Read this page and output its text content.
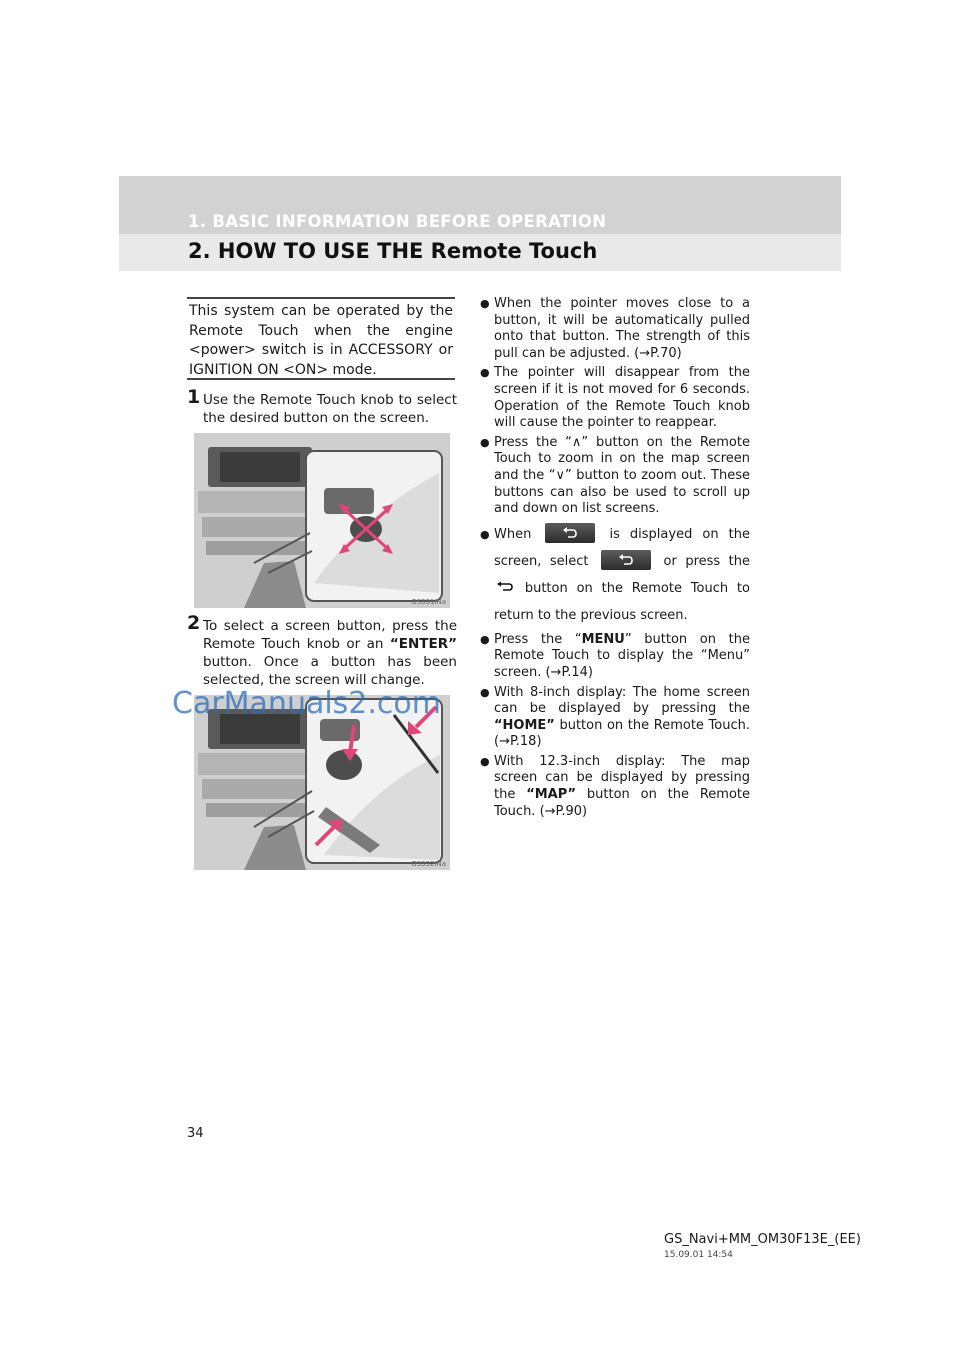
1. BASIC INFORMATION BEFORE OPERATION
2. HOW TO USE THE Remote Touch
This system can be operated by the Remote Touch when the engine <power> switch is in ACCESSORY or IGNITION ON <ON> mode.
1 Use the Remote Touch knob to select the desired button on the screen.
GS331INa
2 To select a screen button, press the Remote Touch knob or an “ENTER” button. Once a button has been selected, the screen will change.
GS332INa
CarManuals2.com
● When the pointer moves close to a button, it will be automatically pulled onto that button. The strength of this pull can be adjusted. (→P.70)
● The pointer will disappear from the screen if it is not moved for 6 seconds. Operation of the Remote Touch knob will cause the pointer to reappear.
● Press the “∧” button on the Remote Touch to zoom in on the map screen and the “∨” button to zoom out. These buttons can also be used to scroll up and down on list screens.
● When	is displayed on the screen, select	or press the  button on the Remote Touch to return to the previous screen.
● Press the “MENU” button on the Remote Touch to display the “Menu” screen. (→P.14)
● With 8-inch display: The home screen can be displayed by pressing the “HOME” button on the Remote Touch. (→P.18)
● With 12.3-inch display: The map screen can be displayed by pressing the “MAP” button on the Remote Touch. (→P.90)
34
GS_Navi+MM_OM30F13E_(EE)
15.09.01 14:54
